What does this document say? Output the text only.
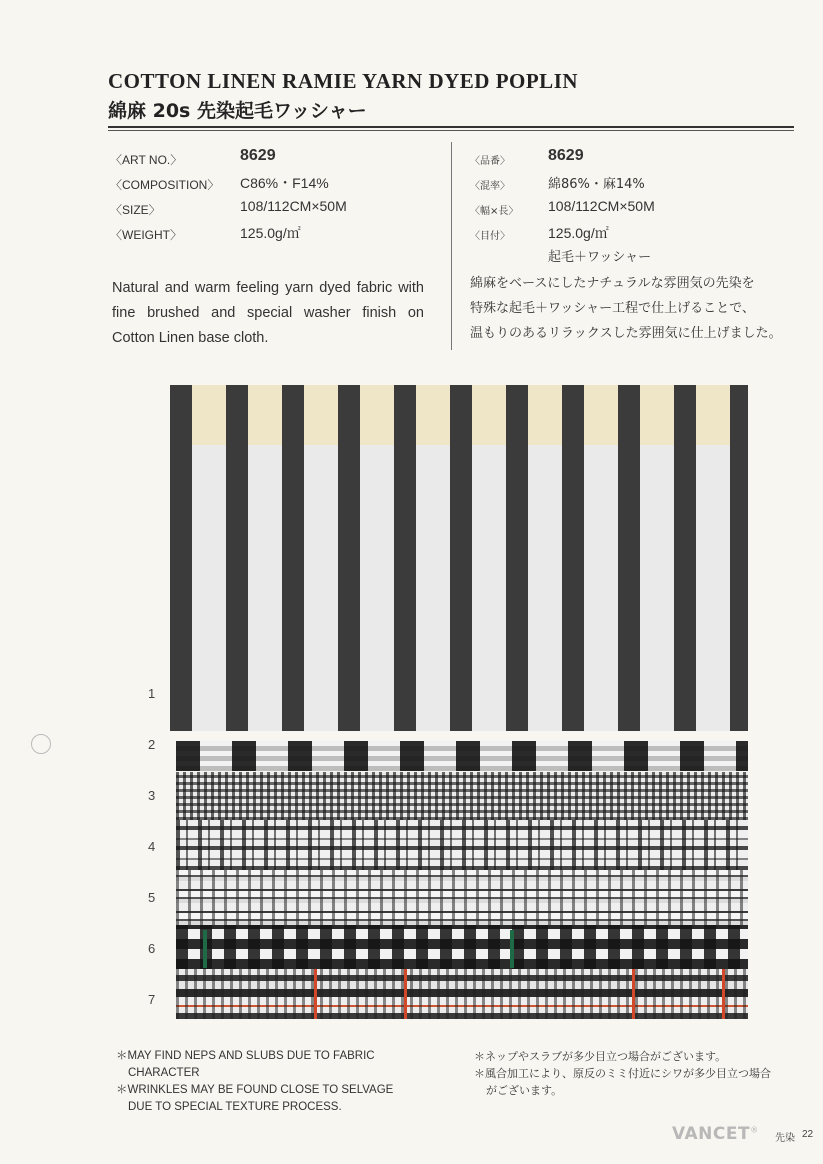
COTTON LINEN RAMIE YARN DYED POPLIN
綿麻 20s 先染起毛ワッシャー
〈ART NO.〉	8629
〈COMPOSITION〉 C86%・F14%
〈SIZE〉	108/112CM×50M
〈WEIGHT〉	125.0g/㎡
〈品番〉 8629
〈混率〉	綿86%・麻14%
〈幅×長〉 108/112CM×50M
〈目付〉	125.0g/㎡
起毛＋ワッシャー
Natural and warm feeling yarn dyed fabric with fine brushed and special washer finish on Cotton Linen base cloth.
綿麻をベースにしたナチュラルな雰囲気の先染を
特殊な起毛＋ワッシャー工程で仕上げることで、
温もりのあるリラックスした雰囲気に仕上げました。
1
2
3
4
5
6
7
＊MAY FIND NEPS AND SLUBS DUE TO FABRIC
CHARACTER
＊WRINKLES MAY BE FOUND CLOSE TO SELVAGE
DUE TO SPECIAL TEXTURE PROCESS.
＊ネップやスラブが多少目立つ場合がございます。
＊風合加工により、原反のミミ付近にシワが多少目立つ場合
がございます。
VANCET®
先染 22
